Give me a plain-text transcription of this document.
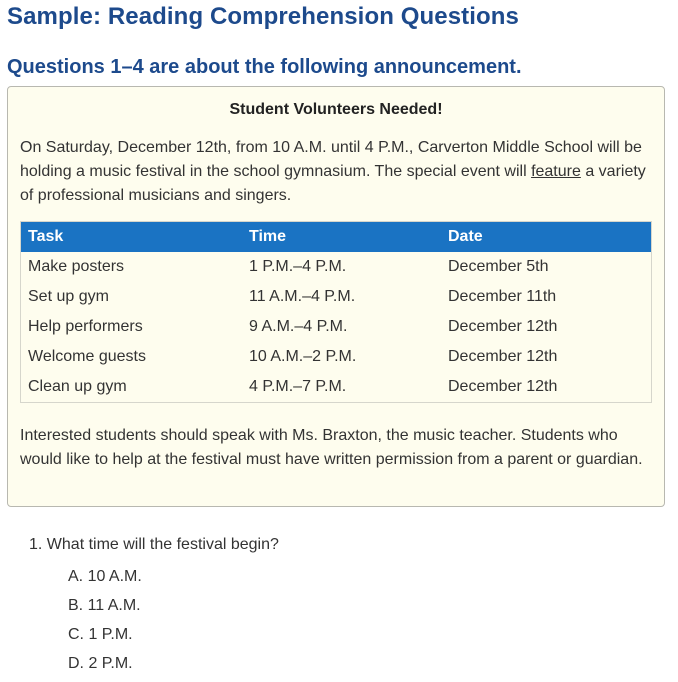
Sample: Reading Comprehension Questions
Questions 1–4 are about the following announcement.
Student Volunteers Needed!
On Saturday, December 12th, from 10 A.M. until 4 P.M., Carverton Middle School will be holding a music festival in the school gymnasium. The special event will feature a variety of professional musicians and singers.
Task	Time	Date
Make posters	1 P.M.–4 P.M.	December 5th
Set up gym	11 A.M.–4 P.M.	December 11th
Help performers	9 A.M.–4 P.M.	December 12th
Welcome guests	10 A.M.–2 P.M.	December 12th
Clean up gym	4 P.M.–7 P.M.	December 12th
Interested students should speak with Ms. Braxton, the music teacher. Students who would like to help at the festival must have written permission from a parent or guardian.
1. What time will the festival begin?
A. 10 A.M.
B. 11 A.M.
C. 1 P.M.
D. 2 P.M.
